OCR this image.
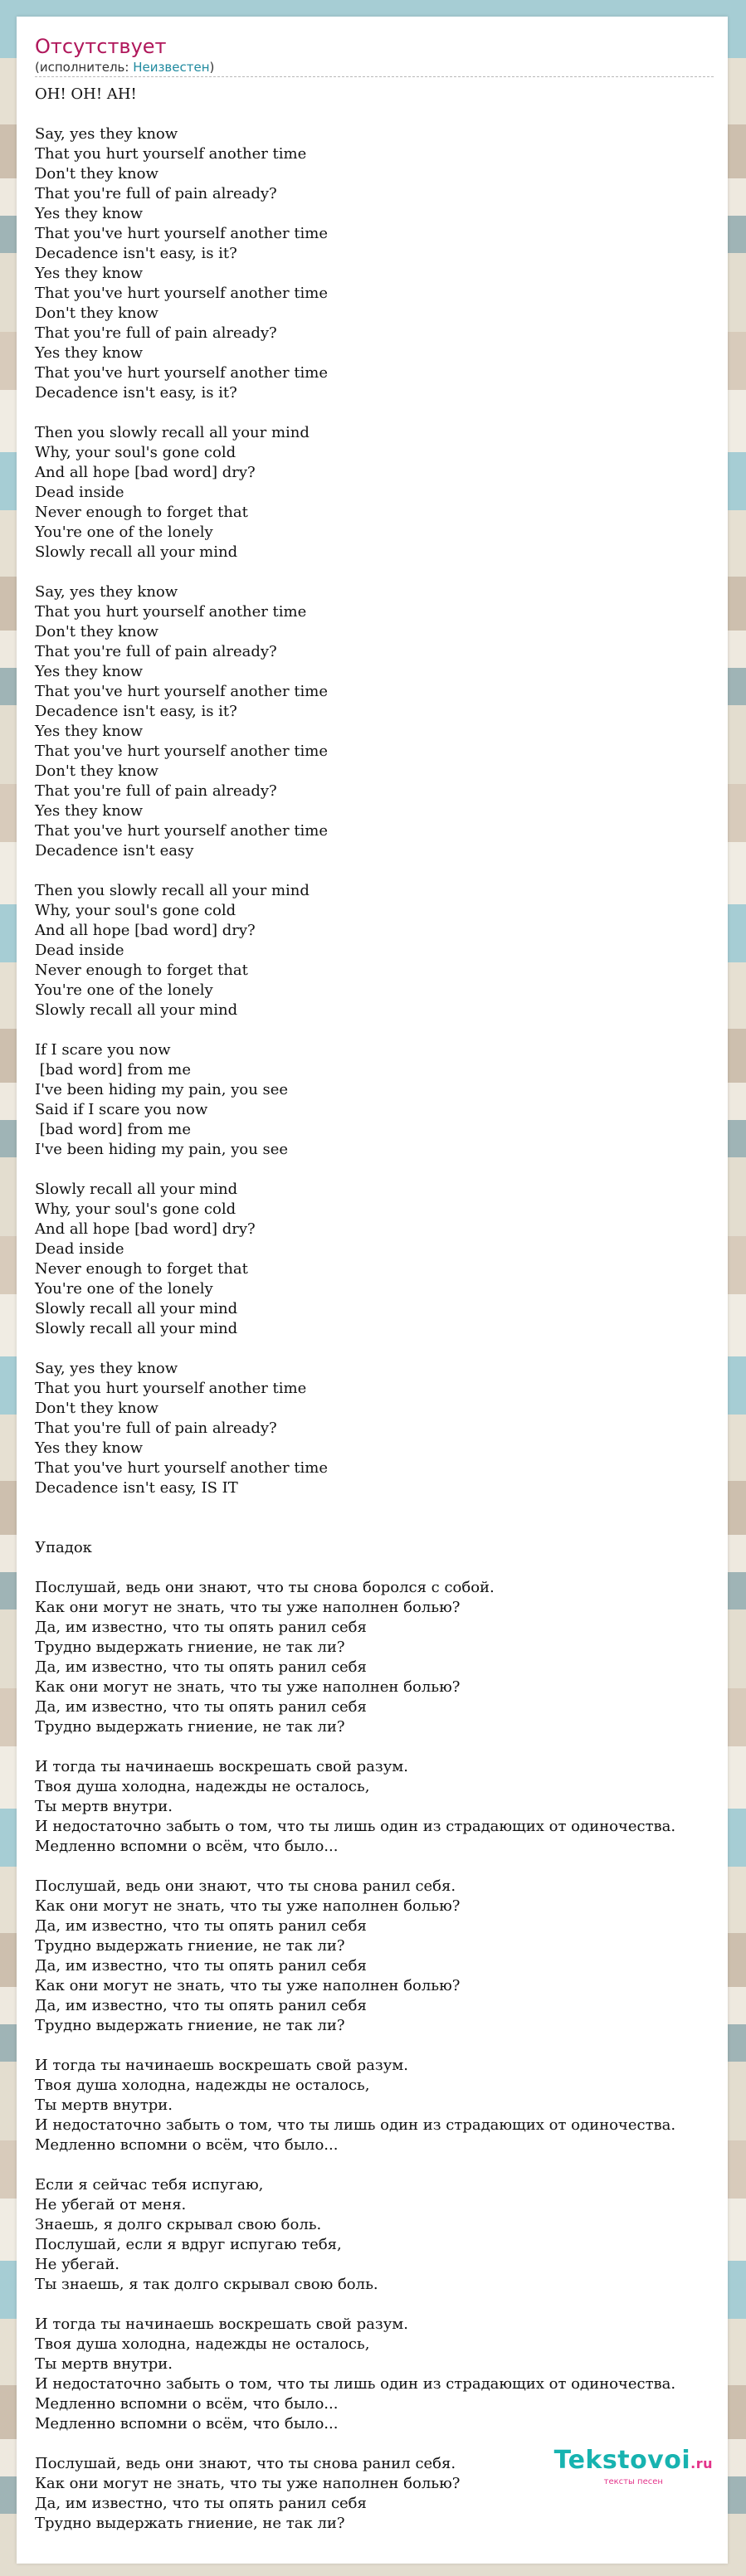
Отсутствует
(исполнитель: Неизвестен)
OH! OH! AH!

Say, yes they know
That you hurt yourself another time
Don't they know
That you're full of pain already?
Yes they know
That you've hurt yourself another time
Decadence isn't easy, is it?
Yes they know
That you've hurt yourself another time
Don't they know
That you're full of pain already?
Yes they know
That you've hurt yourself another time
Decadence isn't easy, is it?

Then you slowly recall all your mind
Why, your soul's gone cold
And all hope [bad word] dry?
Dead inside
Never enough to forget that
You're one of the lonely
Slowly recall all your mind

Say, yes they know
That you hurt yourself another time
Don't they know
That you're full of pain already?
Yes they know
That you've hurt yourself another time
Decadence isn't easy, is it?
Yes they know
That you've hurt yourself another time
Don't they know
That you're full of pain already?
Yes they know
That you've hurt yourself another time
Decadence isn't easy

Then you slowly recall all your mind
Why, your soul's gone cold
And all hope [bad word] dry?
Dead inside
Never enough to forget that
You're one of the lonely
Slowly recall all your mind

If I scare you now
[bad word] from me
I've been hiding my pain, you see
Said if I scare you now
[bad word] from me
I've been hiding my pain, you see

Slowly recall all your mind
Why, your soul's gone cold
And all hope [bad word] dry?
Dead inside
Never enough to forget that
You're one of the lonely
Slowly recall all your mind
Slowly recall all your mind

Say, yes they know
That you hurt yourself another time
Don't they know
That you're full of pain already?
Yes they know
That you've hurt yourself another time
Decadence isn't easy, IS IT

Упадок

Послушай, ведь они знают, что ты снова боролся с собой.
Как они могут не знать, что ты уже наполнен болью?
Да, им известно, что ты опять ранил себя
Трудно выдержать гниение, не так ли?
Да, им известно, что ты опять ранил себя
Как они могут не знать, что ты уже наполнен болью?
Да, им известно, что ты опять ранил себя
Трудно выдержать гниение, не так ли?

И тогда ты начинаешь воскрешать свой разум.
Твоя душа холодна, надежды не осталось,
Ты мертв внутри.
И недостаточно забыть о том, что ты лишь один из страдающих от одиночества.
Медленно вспомни о всём, что было...

Послушай, ведь они знают, что ты снова ранил себя.
Как они могут не знать, что ты уже наполнен болью?
Да, им известно, что ты опять ранил себя
Трудно выдержать гниение, не так ли?
Да, им известно, что ты опять ранил себя
Как они могут не знать, что ты уже наполнен болью?
Да, им известно, что ты опять ранил себя
Трудно выдержать гниение, не так ли?

И тогда ты начинаешь воскрешать свой разум.
Твоя душа холодна, надежды не осталось,
Ты мертв внутри.
И недостаточно забыть о том, что ты лишь один из страдающих от одиночества.
Медленно вспомни о всём, что было...

Если я сейчас тебя испугаю,
Не убегай от меня.
Знаешь, я долго скрывал свою боль.
Послушай, если я вдруг испугаю тебя,
Не убегай.
Ты знаешь, я так долго скрывал свою боль.

И тогда ты начинаешь воскрешать свой разум.
Твоя душа холодна, надежды не осталось,
Ты мертв внутри.
И недостаточно забыть о том, что ты лишь один из страдающих от одиночества.
Медленно вспомни о всём, что было...
Медленно вспомни о всём, что было...

Послушай, ведь они знают, что ты снова ранил себя.
Как они могут не знать, что ты уже наполнен болью?
Да, им известно, что ты опять ранил себя
Трудно выдержать гниение, не так ли?
Tekstovoi.ru
тексты песен
